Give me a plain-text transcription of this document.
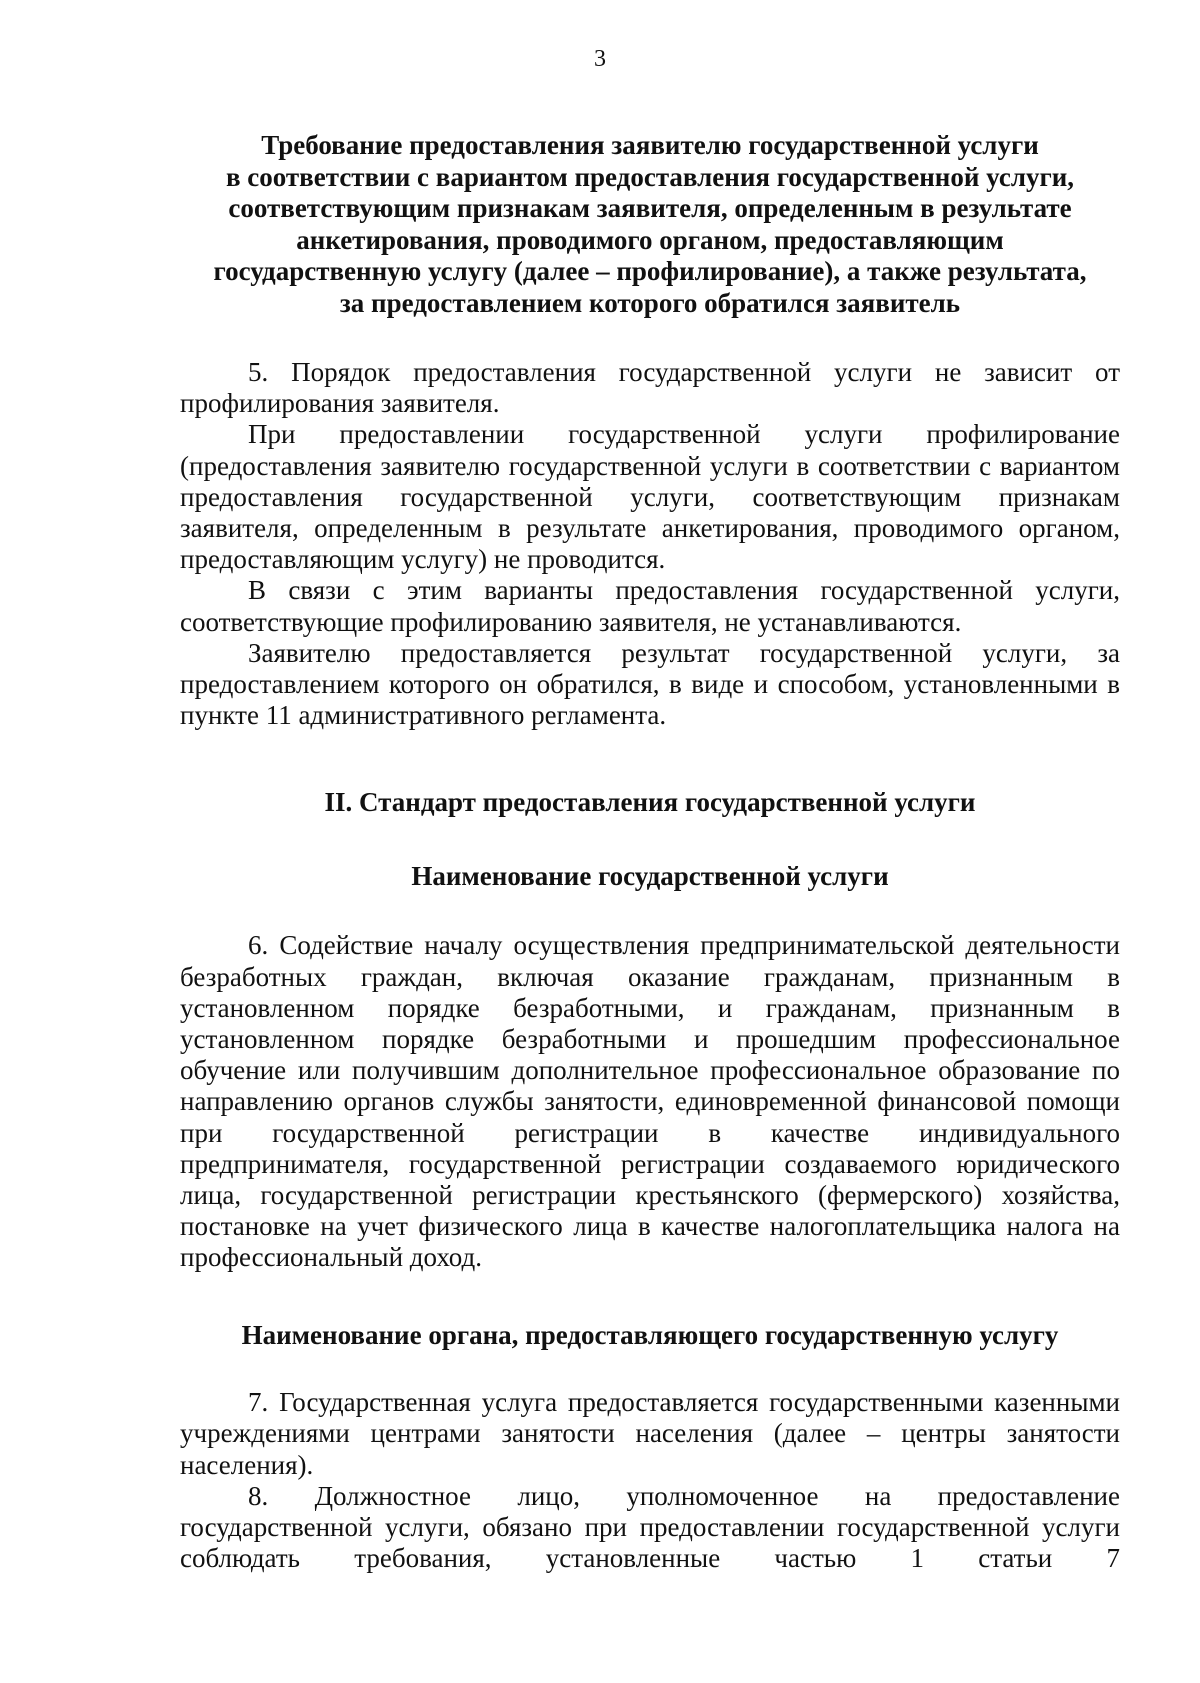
3
Требование предоставления заявителю государственной услуги
в соответствии с вариантом предоставления государственной услуги,
соответствующим признакам заявителя, определенным в результате
анкетирования, проводимого органом, предоставляющим
государственную услугу (далее – профилирование), а также результата,
за предоставлением которого обратился заявитель

5. Порядок предоставления государственной услуги не зависит от профилирования заявителя.

При предоставлении государственной услуги профилирование (предоставления заявителю государственной услуги в соответствии с вариантом предоставления государственной услуги, соответствующим признакам заявителя, определенным в результате анкетирования, проводимого органом, предоставляющим услугу) не проводится.

В связи с этим варианты предоставления государственной услуги, соответствующие профилированию заявителя, не устанавливаются.

Заявителю предоставляется результат государственной услуги, за предоставлением которого он обратился, в виде и способом, установленными в пункте 11 административного регламента.

II. Стандарт предоставления государственной услуги
Наименование государственной услуги

6. Содействие началу осуществления предпринимательской деятельности безработных граждан, включая оказание гражданам, признанным в установленном порядке безработными, и гражданам, признанным в установленном порядке безработными и прошедшим профессиональное обучение или получившим дополнительное профессиональное образование по направлению органов службы занятости, единовременной финансовой помощи при государственной регистрации в качестве индивидуального предпринимателя, государственной регистрации создаваемого юридического лица, государственной регистрации крестьянского (фермерского) хозяйства, постановке на учет физического лица в качестве налогоплательщика налога на профессиональный доход.

Наименование органа, предоставляющего государственную услугу

7. Государственная услуга предоставляется государственными казенными учреждениями центрами занятости населения (далее – центры занятости населения).

8. Должностное лицо, уполномоченное на предоставление государственной услуги, обязано при предоставлении государственной услуги соблюдать требования, установленные частью 1 статьи 7
